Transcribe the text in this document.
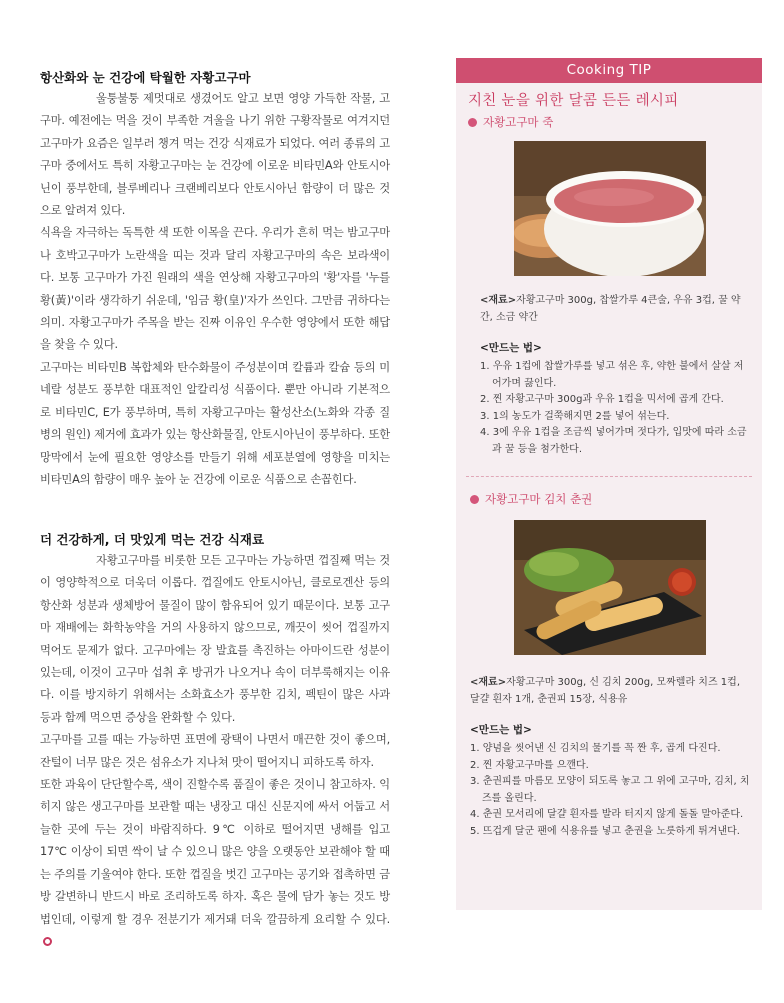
항산화와 눈 건강에 탁월한 자황고구마

울퉁불퉁 제멋대로 생겼어도 알고 보면 영양 가득한 작물, 고구마. 예전에는 먹을 것이 부족한 겨울을 나기 위한 구황작물로 여겨지던 고구마가 요즘은 일부러 챙겨 먹는 건강 식재료가 되었다. 여러 종류의 고구마 중에서도 특히 자황고구마는 눈 건강에 이로운 비타민A와 안토시아닌이 풍부한데, 블루베리나 크랜베리보다 안토시아닌 함량이 더 많은 것으로 알려져 있다.

식욕을 자극하는 독특한 색 또한 이목을 끈다. 우리가 흔히 먹는 밤고구마나 호박고구마가 노란색을 띠는 것과 달리 자황고구마의 속은 보라색이다. 보통 고구마가 가진 원래의 색을 연상해 자황고구마의 '황'자를 '누를 황(黃)'이라 생각하기 쉬운데, '임금 황(皇)'자가 쓰인다. 그만큼 귀하다는 의미. 자황고구마가 주목을 받는 진짜 이유인 우수한 영양에서 또한 해답을 찾을 수 있다.

고구마는 비타민B 복합체와 탄수화물이 주성분이며 칼륨과 칼슘 등의 미네랄 성분도 풍부한 대표적인 알칼리성 식품이다. 뿐만 아니라 기본적으로 비타민C, E가 풍부하며, 특히 자황고구마는 활성산소(노화와 각종 질병의 원인) 제거에 효과가 있는 항산화물질, 안토시아닌이 풍부하다. 또한 망막에서 눈에 필요한 영양소를 만들기 위해 세포분열에 영향을 미치는 비타민A의 함량이 매우 높아 눈 건강에 이로운 식품으로 손꼽힌다.

더 건강하게, 더 맛있게 먹는 건강 식재료

자황고구마를 비롯한 모든 고구마는 가능하면 껍질째 먹는 것이 영양학적으로 더욱더 이롭다. 껍질에도 안토시아닌, 클로로겐산 등의 항산화 성분과 생체방어 물질이 많이 함유되어 있기 때문이다. 보통 고구마 재배에는 화학농약을 거의 사용하지 않으므로, 깨끗이 씻어 껍질까지 먹어도 문제가 없다. 고구마에는 장 발효를 촉진하는 아마이드란 성분이 있는데, 이것이 고구마 섭취 후 방귀가 나오거나 속이 더부룩해지는 이유다. 이를 방지하기 위해서는 소화효소가 풍부한 김치, 펙틴이 많은 사과 등과 함께 먹으면 증상을 완화할 수 있다.

고구마를 고를 때는 가능하면 표면에 광택이 나면서 매끈한 것이 좋으며, 잔털이 너무 많은 것은 섬유소가 지나쳐 맛이 떨어지니 피하도록 하자.

또한 과육이 단단할수록, 색이 진할수록 품질이 좋은 것이니 참고하자. 익히지 않은 생고구마를 보관할 때는 냉장고 대신 신문지에 싸서 어둡고 서늘한 곳에 두는 것이 바람직하다. 9℃ 이하로 떨어지면 냉해를 입고 17℃ 이상이 되면 싹이 날 수 있으니 많은 양을 오랫동안 보관해야 할 때는 주의를 기울여야 한다. 또한 껍질을 벗긴 고구마는 공기와 접촉하면 금방 갈변하니 반드시 바로 조리하도록 하자. 혹은 물에 담가 놓는 것도 방법인데, 이렇게 할 경우 전분기가 제거돼 더욱 깔끔하게 요리할 수 있다.

Cooking TIP
지친 눈을 위한 달콤 든든 레시피
자황고구마 죽
<재료>자황고구마 300g, 찹쌀가루 4큰술, 우유 3컵, 꿀 약간, 소금 약간
<만드는 법>
1. 우유 1컵에 찹쌀가루를 넣고 섞은 후, 약한 불에서 살살 저어가며 끓인다.
2. 찐 자황고구마 300g과 우유 1컵을 믹서에 곱게 간다.
3. 1의 농도가 걸쭉해지면 2를 넣어 섞는다.
4. 3에 우유 1컵을 조금씩 넣어가며 젓다가, 입맛에 따라 소금과 꿀 등을 첨가한다.
자황고구마 김치 춘권
<재료>자황고구마 300g, 신 김치 200g, 모짜렐라 치즈 1컵, 달걀 흰자 1개, 춘권피 15장, 식용유
<만드는 법>
1. 양념을 씻어낸 신 김치의 물기를 꼭 짠 후, 곱게 다진다.
2. 찐 자황고구마를 으깬다.
3. 춘권피를 마름모 모양이 되도록 놓고 그 위에 고구마, 김치, 치즈를 올린다.
4. 춘권 모서리에 달걀 흰자를 발라 터지지 않게 돌돌 말아준다.
5. 뜨겁게 달군 팬에 식용유를 넣고 춘권을 노릇하게 튀겨낸다.
